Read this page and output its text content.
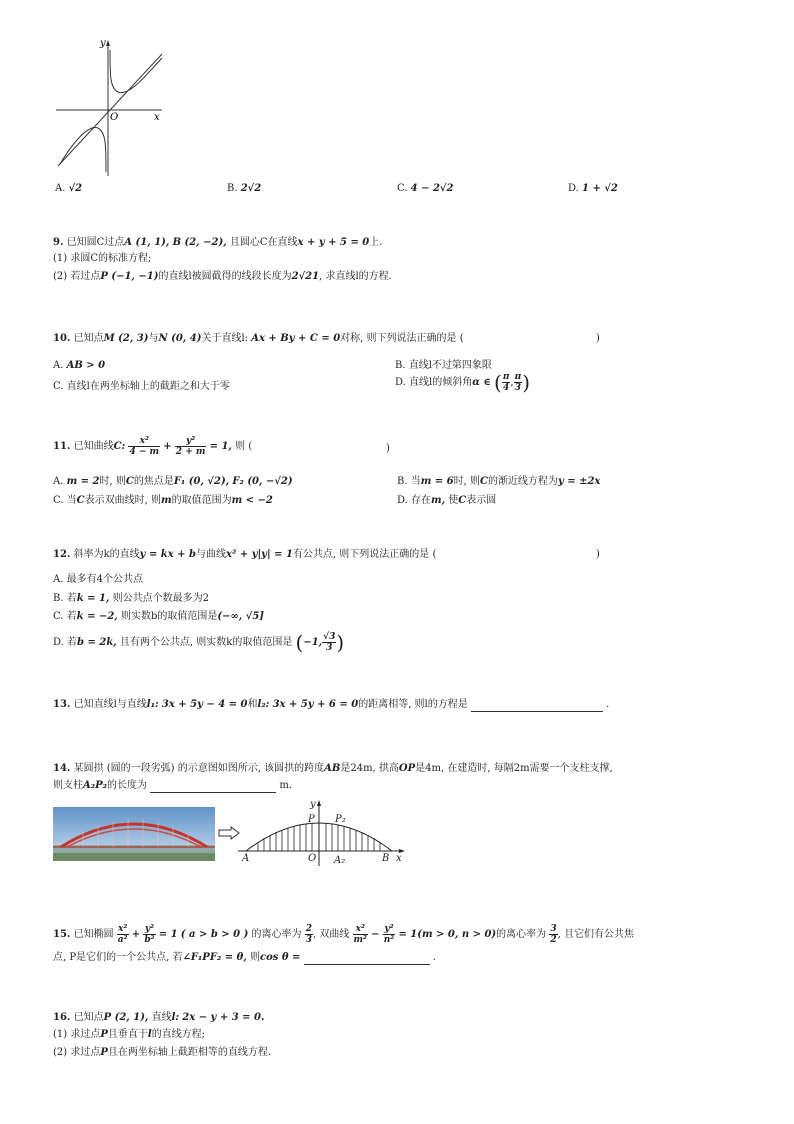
y
x
O
A. √2	B. 2√2	C. 4 − 2√2	D. 1 + √2
9. 已知圆C过点A (1, 1), B (2, −2), 且圆心C在直线x + y + 5 = 0上.
(1) 求圆C的标准方程;
(2) 若过点P (−1, −1)的直线l被圆截得的线段长度为2√21, 求直线l的方程.
10. 已知点M (2, 3)与N (0, 4)关于直线l: Ax + By + C = 0对称, 则下列说法正确的是 (	)
A. AB > 0	B. 直线l不过第四象限
C. 直线l在两坐标轴上的截距之和大于零	D. 直线l的倾斜角α ∈ ( $\frac{\pi}{4}$ , $\frac{\pi}{3}$ )
11. 已知曲线C: $\frac{\text{x²}}{4 - m} + \frac{\text{y²}}{2 + m} = 1$, 则 (	)
A. m = 2时, 则C的焦点是F₁ (0, √2), F₂ (0, −√2)	B. 当m = 6时, 则C的渐近线方程为y = ±2x
C. 当C表示双曲线时, 则m的取值范围为m < −2	D. 存在m, 使C表示圆
12. 斜率为k的直线y = kx + b与曲线x² + y|y| = 1有公共点, 则下列说法正确的是 (	)
A. 最多有4个公共点
B. 若k = 1, 则公共点个数最多为2
C. 若k = −2, 则实数b的取值范围是(−∞, √5]
D. 若b = 2k, 且有两个公共点, 则实数k的取值范围是 (−1, $\frac{√3}{3}$ )
13. 已知直线l与直线l₁: 3x + 5y − 4 = 0和l₂: 3x + 5y + 6 = 0的距离相等, 则l的方程是	.
14. 某圆拱 (圆的一段劣弧) 的示意图如图所示, 该圆拱的跨度AB是24m, 拱高OP是4m, 在建造时, 每隔2m需要一个支柱支撑,
则支柱A₂P₂的长度为	m.
y
x
P P₂
A	O A₂	B
15. 已知椭圆 $\frac{\text{x²}}{\text{a²}} + \frac{\text{y²}}{\text{b²}} = 1$ ( a > b > 0 ) 的离心率为 $\frac{2}{3}$ , 双曲线 $\frac{\text{x²}}{\text{m²}} - \frac{\text{y²}}{\text{n²}} = 1(m > 0$, n > 0)的离心率为 $\frac{3}{2}$ , 且它们有公共焦
点, P是它们的一个公共点, 若∠F₁PF₂ = θ, 则cos θ =	.
16. 已知点P (2, 1), 直线l: 2x − y + 3 = 0.
(1) 求过点P且垂直于l的直线方程;
(2) 求过点P且在两坐标轴上截距相等的直线方程.
